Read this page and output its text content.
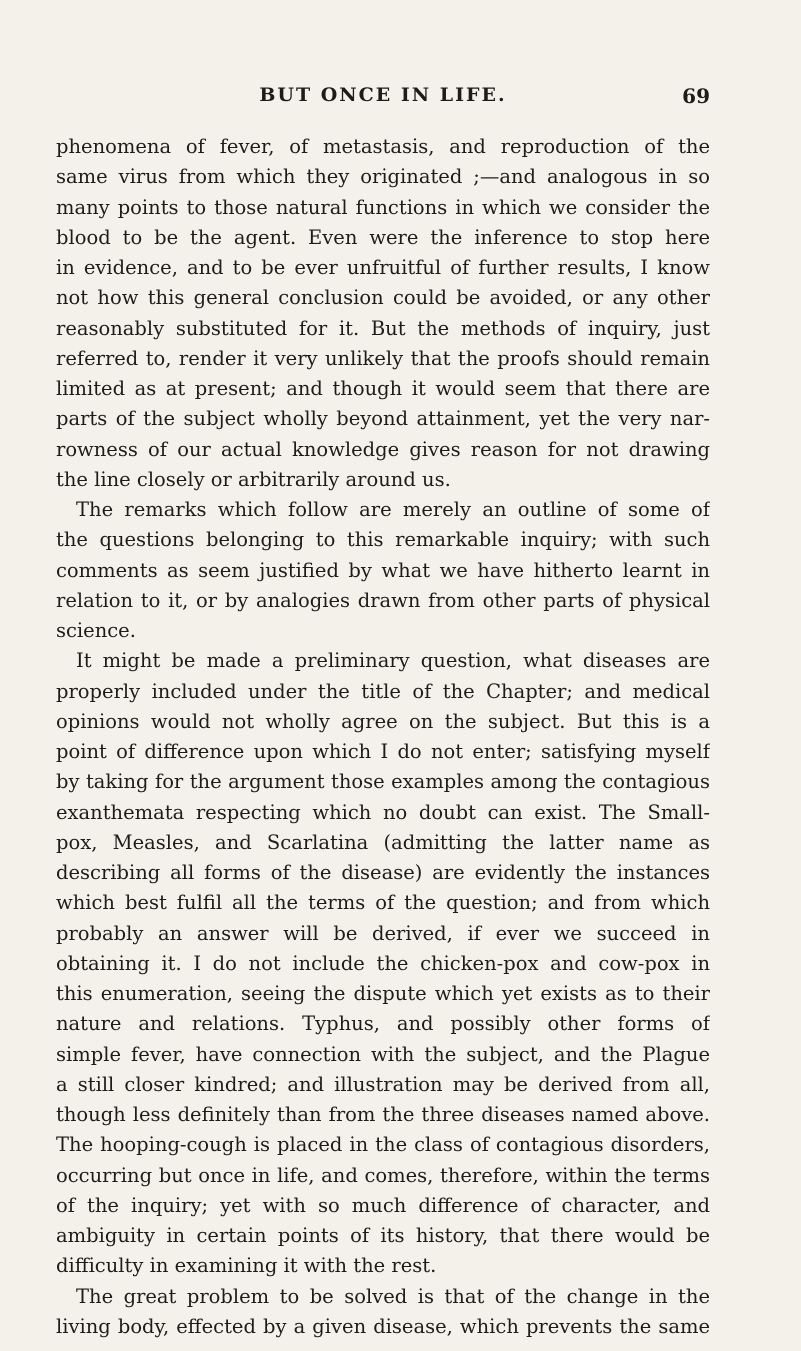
BUT ONCE IN LIFE.	69
phenomena of fever, of metastasis, and reproduction of the
same virus from which they originated ;—and analogous in so
many points to those natural functions in which we consider the
blood to be the agent. Even were the inference to stop here
in evidence, and to be ever unfruitful of further results, I know
not how this general conclusion could be avoided, or any other
reasonably substituted for it. But the methods of inquiry, just
referred to, render it very unlikely that the proofs should remain
limited as at present; and though it would seem that there are
parts of the subject wholly beyond attainment, yet the very nar-
rowness of our actual knowledge gives reason for not drawing
the line closely or arbitrarily around us.
The remarks which follow are merely an outline of some of
the questions belonging to this remarkable inquiry; with such
comments as seem justified by what we have hitherto learnt in
relation to it, or by analogies drawn from other parts of physical
science.
It might be made a preliminary question, what diseases are
properly included under the title of the Chapter; and medical
opinions would not wholly agree on the subject. But this is a
point of difference upon which I do not enter; satisfying myself
by taking for the argument those examples among the contagious
exanthemata respecting which no doubt can exist. The Small-
pox, Measles, and Scarlatina (admitting the latter name as
describing all forms of the disease) are evidently the instances
which best fulfil all the terms of the question; and from which
probably an answer will be derived, if ever we succeed in
obtaining it. I do not include the chicken-pox and cow-pox in
this enumeration, seeing the dispute which yet exists as to their
nature and relations. Typhus, and possibly other forms of
simple fever, have connection with the subject, and the Plague
a still closer kindred; and illustration may be derived from all,
though less definitely than from the three diseases named above.
The hooping-cough is placed in the class of contagious disorders,
occurring but once in life, and comes, therefore, within the terms
of the inquiry; yet with so much difference of character, and
ambiguity in certain points of its history, that there would be
difficulty in examining it with the rest.
The great problem to be solved is that of the change in the
living body, effected by a given disease, which prevents the same
